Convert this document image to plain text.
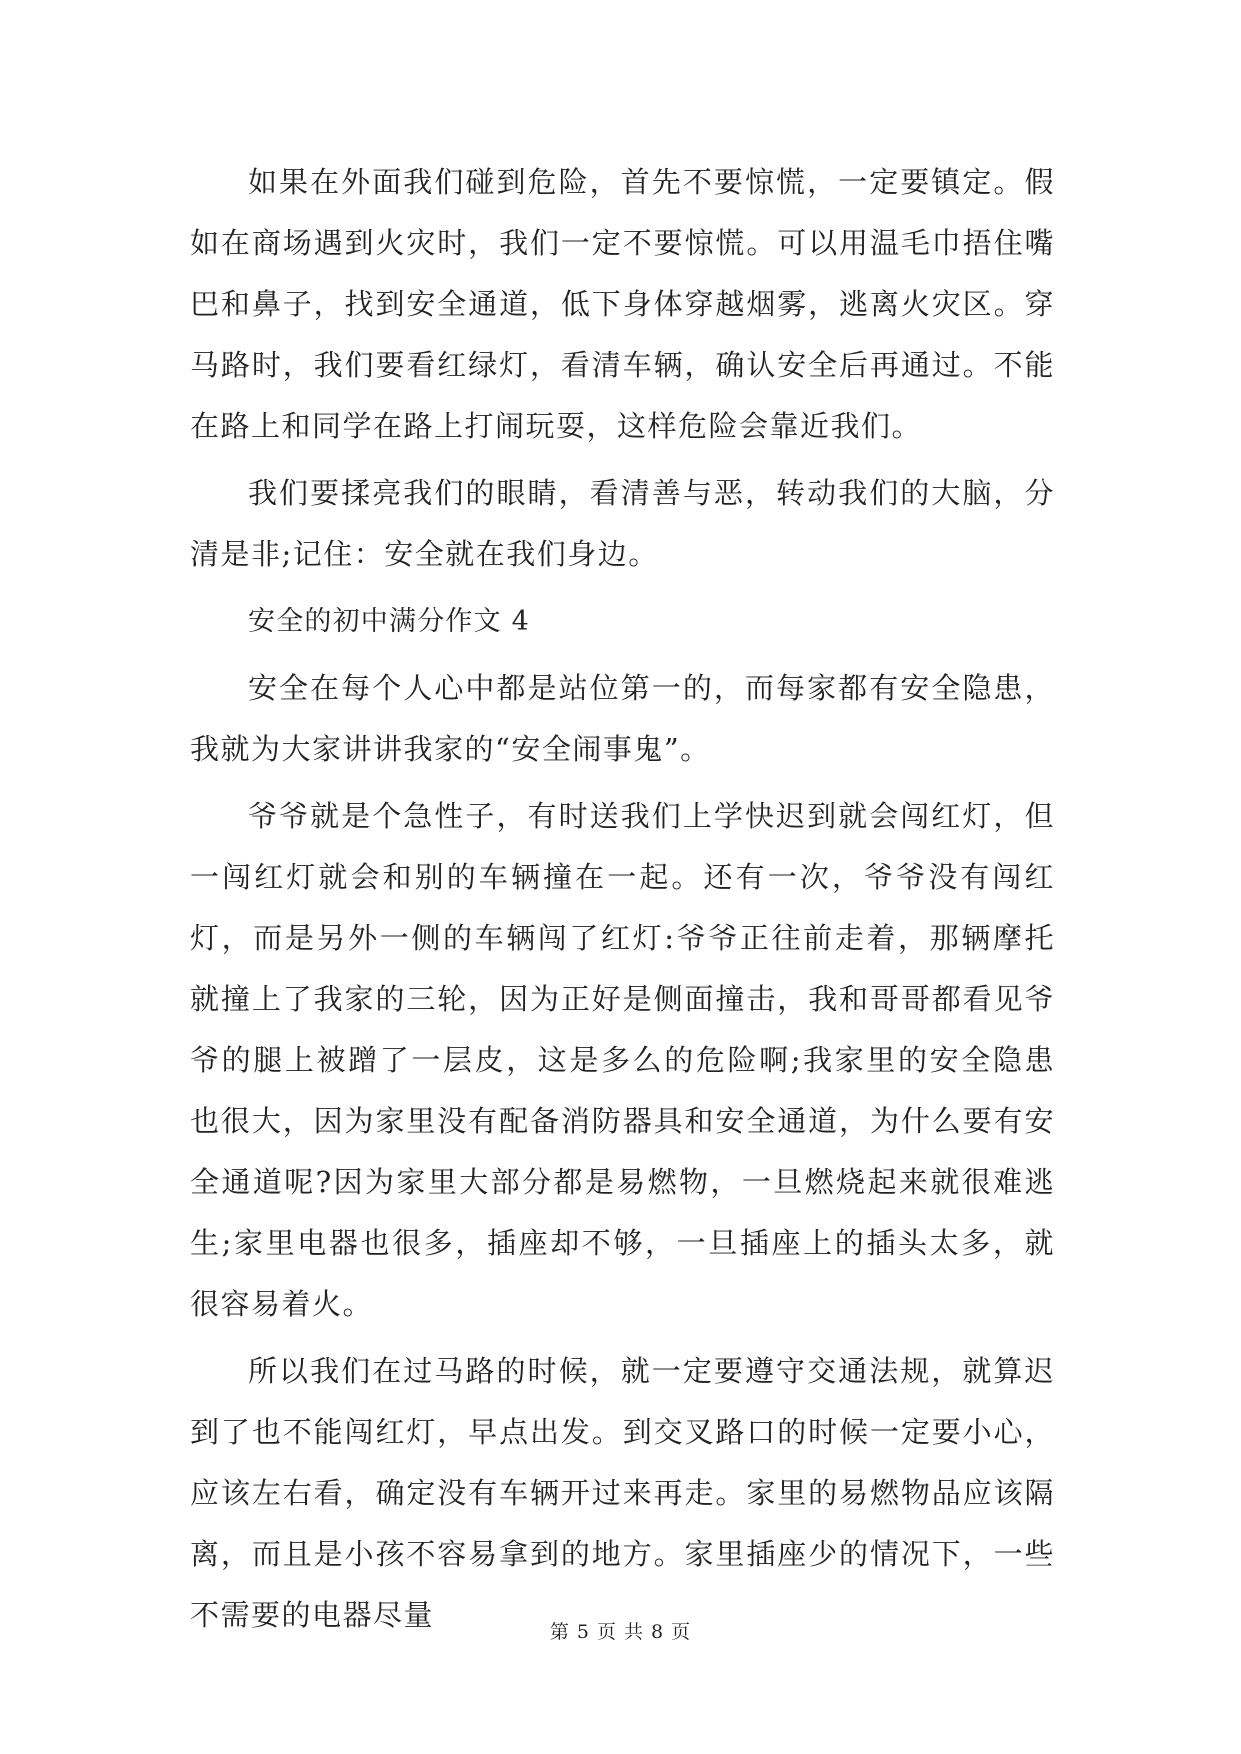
如果在外面我们碰到危险，首先不要惊慌，一定要镇定。假如在商场遇到火灾时，我们一定不要惊慌。可以用温毛巾捂住嘴巴和鼻子，找到安全通道，低下身体穿越烟雾，逃离火灾区。穿马路时，我们要看红绿灯，看清车辆，确认安全后再通过。不能在路上和同学在路上打闹玩耍，这样危险会靠近我们。

我们要揉亮我们的眼睛，看清善与恶，转动我们的大脑，分清是非;记住：安全就在我们身边。

安全的初中满分作文 4

安全在每个人心中都是站位第一的，而每家都有安全隐患，我就为大家讲讲我家的“安全闹事鬼”。

爷爷就是个急性子，有时送我们上学快迟到就会闯红灯，但一闯红灯就会和别的车辆撞在一起。还有一次，爷爷没有闯红灯，而是另外一侧的车辆闯了红灯:爷爷正往前走着，那辆摩托就撞上了我家的三轮，因为正好是侧面撞击，我和哥哥都看见爷爷的腿上被蹭了一层皮，这是多么的危险啊;我家里的安全隐患也很大，因为家里没有配备消防器具和安全通道，为什么要有安全通道呢?因为家里大部分都是易燃物，一旦燃烧起来就很难逃生;家里电器也很多，插座却不够，一旦插座上的插头太多，就很容易着火。

所以我们在过马路的时候，就一定要遵守交通法规，就算迟到了也不能闯红灯，早点出发。到交叉路口的时候一定要小心，应该左右看，确定没有车辆开过来再走。家里的易燃物品应该隔离，而且是小孩不容易拿到的地方。家里插座少的情况下，一些不需要的电器尽量	第 5 页 共 8 页
